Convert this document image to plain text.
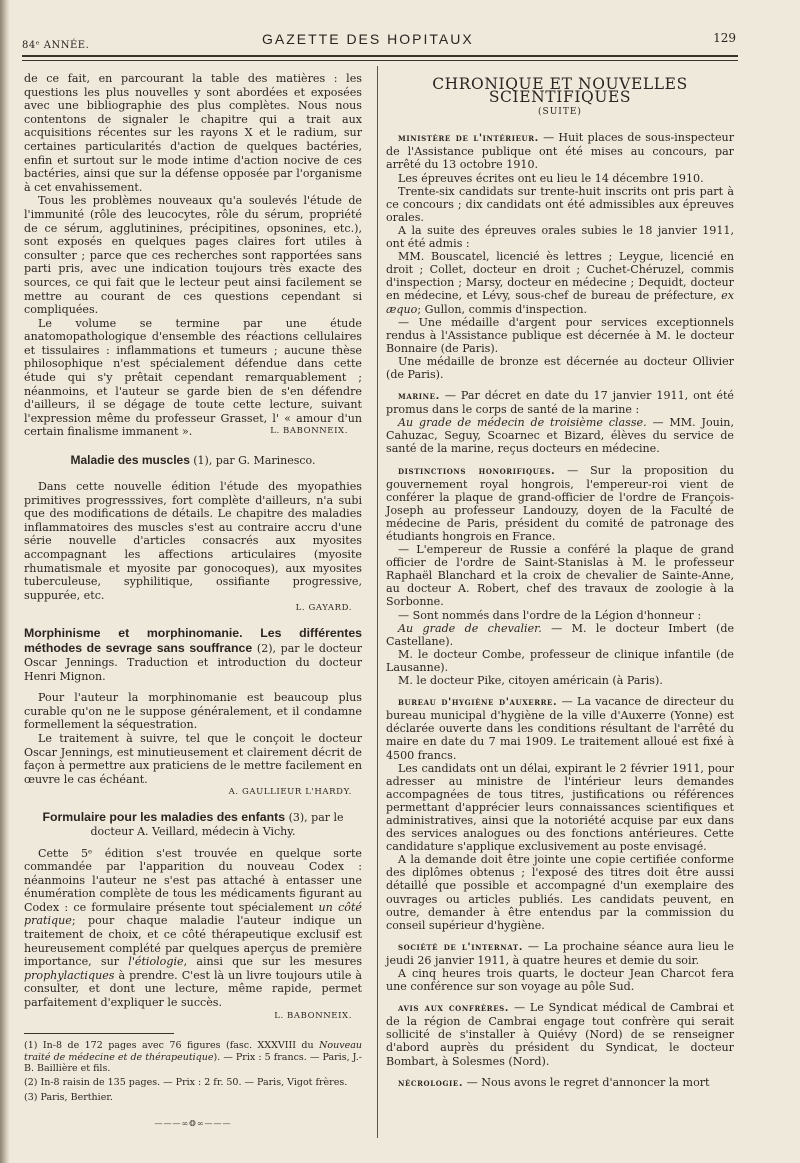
84ᵉ ANNÉE.	GAZETTE DES HOPITAUX	129

de ce fait, en parcourant la table des matières : les questions les plus nouvelles y sont abordées et exposées avec une bibliographie des plus complètes. Nous nous contentons de signaler le chapitre qui a trait aux acquisitions récentes sur les rayons X et le radium, sur certaines particularités d'action de quelques bactéries, enfin et surtout sur le mode intime d'action nocive de ces bactéries, ainsi que sur la défense opposée par l'organisme à cet envahissement.

Tous les problèmes nouveaux qu'a soulevés l'étude de l'immunité (rôle des leucocytes, rôle du sérum, propriété de ce sérum, agglutinines, précipitines, opsonines, etc.), sont exposés en quelques pages claires fort utiles à consulter ; parce que ces recherches sont rapportées sans parti pris, avec une indication toujours très exacte des sources, ce qui fait que le lecteur peut ainsi facilement se mettre au courant de ces questions cependant si compliquées.

Le volume se termine par une étude anatomopathologique d'ensemble des réactions cellulaires et tissulaires : inflammations et tumeurs ; aucune thèse philosophique n'est spécialement défendue dans cette étude qui s'y prêtait cependant remarquablement ; néanmoins, et l'auteur se garde bien de s'en défendre d'ailleurs, il se dégage de toute cette lecture, suivant l'expression même du professeur Grasset, l' « amour d'un certain finalisme immanent ».	L. BABONNEIX.

Maladie des muscles (1), par G. Marinesco.

Dans cette nouvelle édition l'étude des myopathies primitives progresssives, fort complète d'ailleurs, n'a subi que des modifications de détails. Le chapitre des maladies inflammatoires des muscles s'est au contraire accru d'une série nouvelle d'articles consacrés aux myosites accompagnant les affections articulaires (myosite rhumatismale et myosite par gonocoques), aux myosites tuberculeuse, syphilitique, ossifiante progressive, suppurée, etc.

L. GAYARD.
Morphinisme et morphinomanie. Les différentes méthodes de sevrage sans souffrance (2), par le docteur Oscar Jennings. Traduction et introduction du docteur Henri Mignon.

Pour l'auteur la morphinomanie est beaucoup plus curable qu'on ne le suppose généralement, et il condamne formellement la séquestration.

Le traitement à suivre, tel que le conçoit le docteur Oscar Jennings, est minutieusement et clairement décrit de façon à permettre aux praticiens de le mettre facilement en œuvre le cas échéant.

A. GAULLIEUR L'HARDY.
Formulaire pour les maladies des enfants (3), par le docteur A. Veillard, médecin à Vichy.

Cette 5ᵉ édition s'est trouvée en quelque sorte commandée par l'apparition du nouveau Codex : néanmoins l'auteur ne s'est pas attaché à entasser une énumération complète de tous les médicaments figurant au Codex : ce formulaire présente tout spécialement un côté pratique; pour chaque maladie l'auteur indique un traitement de choix, et ce côté thérapeutique exclusif est heureusement complété par quelques aperçus de première importance, sur l'étiologie, ainsi que sur les mesures prophylactiques à prendre. C'est là un livre toujours utile à consulter, et dont une lecture, même rapide, permet parfaitement d'expliquer le succès.

L. BABONNEIX.

(1) In-8 de 172 pages avec 76 figures (fasc. XXXVIII du Nouveau traité de médecine et de thérapeutique). — Prix : 5 francs. — Paris, J.-B. Baillière et fils.

(2) In-8 raisin de 135 pages. — Prix : 2 fr. 50. — Paris, Vigot frères.

(3) Paris, Berthier.

———∞❂∞———
CHRONIQUE ET NOUVELLES SCIENTIFIQUES
(SUITE)

ministère de l'intérieur. — Huit places de sous-inspecteur de l'Assistance publique ont été mises au concours, par arrêté du 13 octobre 1910.

Les épreuves écrites ont eu lieu le 14 décembre 1910.

Trente-six candidats sur trente-huit inscrits ont pris part à ce concours ; dix candidats ont été admissibles aux épreuves orales.

A la suite des épreuves orales subies le 18 janvier 1911, ont été admis :

MM. Bouscatel, licencié ès lettres ; Leygue, licencié en droit ; Collet, docteur en droit ; Cuchet-Chéruzel, commis d'inspection ; Marsy, docteur en médecine ; Dequidt, docteur en médecine, et Lévy, sous-chef de bureau de préfecture, ex æquo; Gullon, commis d'inspection.

— Une médaille d'argent pour services exceptionnels rendus à l'Assistance publique est décernée à M. le docteur Bonnaire (de Paris).

Une médaille de bronze est décernée au docteur Ollivier (de Paris).

marine. — Par décret en date du 17 janvier 1911, ont été promus dans le corps de santé de la marine :

Au grade de médecin de troisième classe. — MM. Jouin, Cahuzac, Seguy, Scoarnec et Bizard, élèves du service de santé de la marine, reçus docteurs en médecine.

distinctions honorifiques. — Sur la proposition du gouvernement royal hongrois, l'empereur-roi vient de conférer la plaque de grand-officier de l'ordre de François-Joseph au professeur Landouzy, doyen de la Faculté de médecine de Paris, président du comité de patronage des étudiants hongrois en France.

— L'empereur de Russie a conféré la plaque de grand officier de l'ordre de Saint-Stanislas à M. le professeur Raphaël Blanchard et la croix de chevalier de Sainte-Anne, au docteur A. Robert, chef des travaux de zoologie à la Sorbonne.

— Sont nommés dans l'ordre de la Légion d'honneur :

Au grade de chevalier. — M. le docteur Imbert (de Castellane).

M. le docteur Combe, professeur de clinique infantile (de Lausanne).

M. le docteur Pike, citoyen américain (à Paris).

bureau d'hygiène d'auxerre. — La vacance de directeur du bureau municipal d'hygiène de la ville d'Auxerre (Yonne) est déclarée ouverte dans les conditions résultant de l'arrêté du maire en date du 7 mai 1909. Le traitement alloué est fixé à 4500 francs.

Les candidats ont un délai, expirant le 2 février 1911, pour adresser au ministre de l'intérieur leurs demandes accompagnées de tous titres, justifications ou références permettant d'apprécier leurs connaissances scientifiques et administratives, ainsi que la notoriété acquise par eux dans des services analogues ou des fonctions antérieures. Cette candidature s'applique exclusivement au poste envisagé.

A la demande doit être jointe une copie certifiée conforme des diplômes obtenus ; l'exposé des titres doit être aussi détaillé que possible et accompagné d'un exemplaire des ouvrages ou articles publiés. Les candidats peuvent, en outre, demander à être entendus par la commission du conseil supérieur d'hygiène.

société de l'internat. — La prochaine séance aura lieu le jeudi 26 janvier 1911, à quatre heures et demie du soir.

A cinq heures trois quarts, le docteur Jean Charcot fera une conférence sur son voyage au pôle Sud.

avis aux confrères. — Le Syndicat médical de Cambrai et de la région de Cambrai engage tout confrère qui serait sollicité de s'installer à Quiévy (Nord) de se renseigner d'abord auprès du président du Syndicat, le docteur Bombart, à Solesmes (Nord).

nécrologie. — Nous avons le regret d'annoncer la mort
